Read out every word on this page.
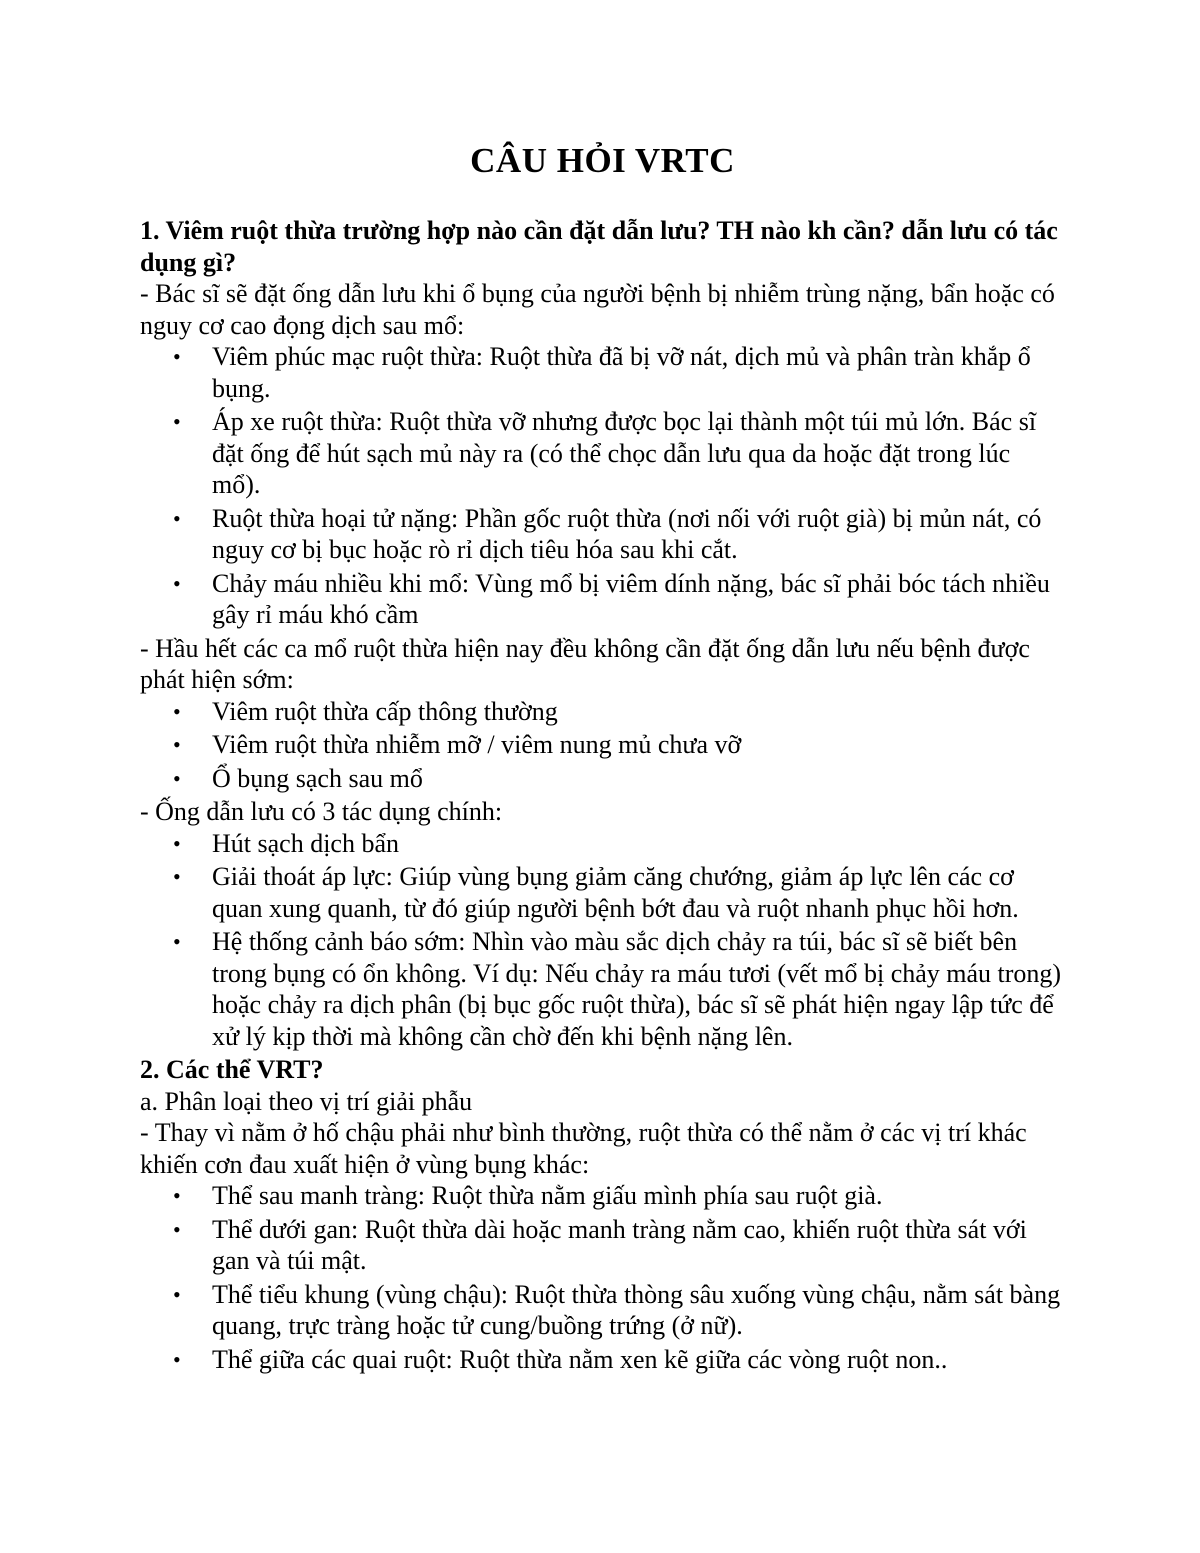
CÂU HỎI VRTC

1. Viêm ruột thừa trường hợp nào cần đặt dẫn lưu? TH nào kh cần? dẫn lưu có tác dụng gì?

- Bác sĩ sẽ đặt ống dẫn lưu khi ổ bụng của người bệnh bị nhiễm trùng nặng, bẩn hoặc có nguy cơ cao đọng dịch sau mổ:

• Viêm phúc mạc ruột thừa: Ruột thừa đã bị vỡ nát, dịch mủ và phân tràn khắp ổ bụng.
• Áp xe ruột thừa: Ruột thừa vỡ nhưng được bọc lại thành một túi mủ lớn. Bác sĩ đặt ống để hút sạch mủ này ra (có thể chọc dẫn lưu qua da hoặc đặt trong lúc mổ).
• Ruột thừa hoại tử nặng: Phần gốc ruột thừa (nơi nối với ruột già) bị mủn nát, có nguy cơ bị bục hoặc rò rỉ dịch tiêu hóa sau khi cắt.
• Chảy máu nhiều khi mổ: Vùng mổ bị viêm dính nặng, bác sĩ phải bóc tách nhiều gây rỉ máu khó cầm

- Hầu hết các ca mổ ruột thừa hiện nay đều không cần đặt ống dẫn lưu nếu bệnh được phát hiện sớm:

• Viêm ruột thừa cấp thông thường
• Viêm ruột thừa nhiễm mỡ / viêm nung mủ chưa vỡ
• Ổ bụng sạch sau mổ

- Ống dẫn lưu có 3 tác dụng chính:

• Hút sạch dịch bẩn
• Giải thoát áp lực: Giúp vùng bụng giảm căng chướng, giảm áp lực lên các cơ quan xung quanh, từ đó giúp người bệnh bớt đau và ruột nhanh phục hồi hơn.
• Hệ thống cảnh báo sớm: Nhìn vào màu sắc dịch chảy ra túi, bác sĩ sẽ biết bên trong bụng có ổn không. Ví dụ: Nếu chảy ra máu tươi (vết mổ bị chảy máu trong) hoặc chảy ra dịch phân (bị bục gốc ruột thừa), bác sĩ sẽ phát hiện ngay lập tức để xử lý kịp thời mà không cần chờ đến khi bệnh nặng lên.

2. Các thể VRT?

a. Phân loại theo vị trí giải phẫu

- Thay vì nằm ở hố chậu phải như bình thường, ruột thừa có thể nằm ở các vị trí khác khiến cơn đau xuất hiện ở vùng bụng khác:

• Thể sau manh tràng: Ruột thừa nằm giấu mình phía sau ruột già.
• Thể dưới gan: Ruột thừa dài hoặc manh tràng nằm cao, khiến ruột thừa sát với gan và túi mật.
• Thể tiểu khung (vùng chậu): Ruột thừa thòng sâu xuống vùng chậu, nằm sát bàng quang, trực tràng hoặc tử cung/buồng trứng (ở nữ).
• Thể giữa các quai ruột: Ruột thừa nằm xen kẽ giữa các vòng ruột non..
